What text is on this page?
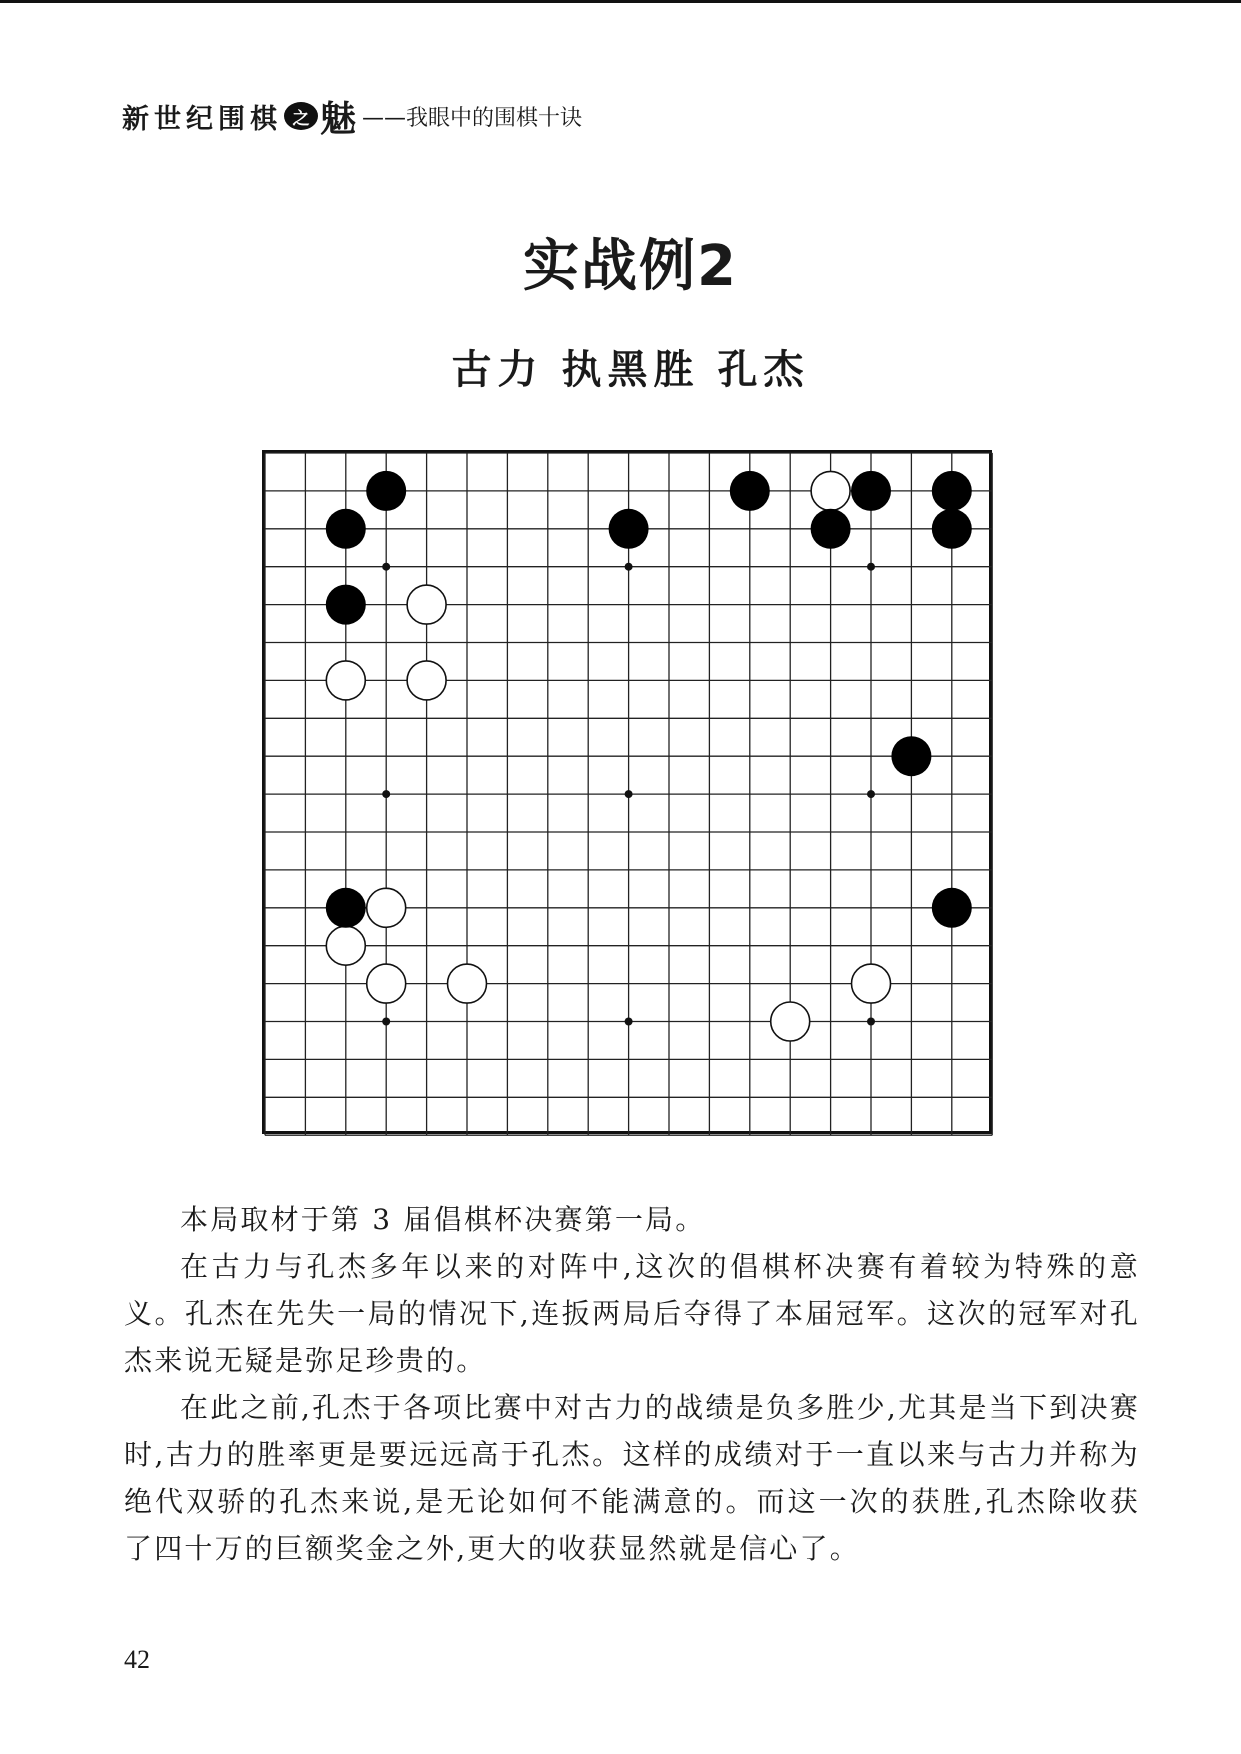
新世纪围棋 之 魅 ——我眼中的围棋十诀
实战例2
古力 执黑胜 孔杰

本局取材于第 3 届倡棋杯决赛第一局。

在古力与孔杰多年以来的对阵中,这次的倡棋杯决赛有着较为特殊的意义。孔杰在先失一局的情况下,连扳两局后夺得了本届冠军。这次的冠军对孔杰来说无疑是弥足珍贵的。

在此之前,孔杰于各项比赛中对古力的战绩是负多胜少,尤其是当下到决赛时,古力的胜率更是要远远高于孔杰。这样的成绩对于一直以来与古力并称为绝代双骄的孔杰来说,是无论如何不能满意的。而这一次的获胜,孔杰除收获了四十万的巨额奖金之外,更大的收获显然就是信心了。

42
